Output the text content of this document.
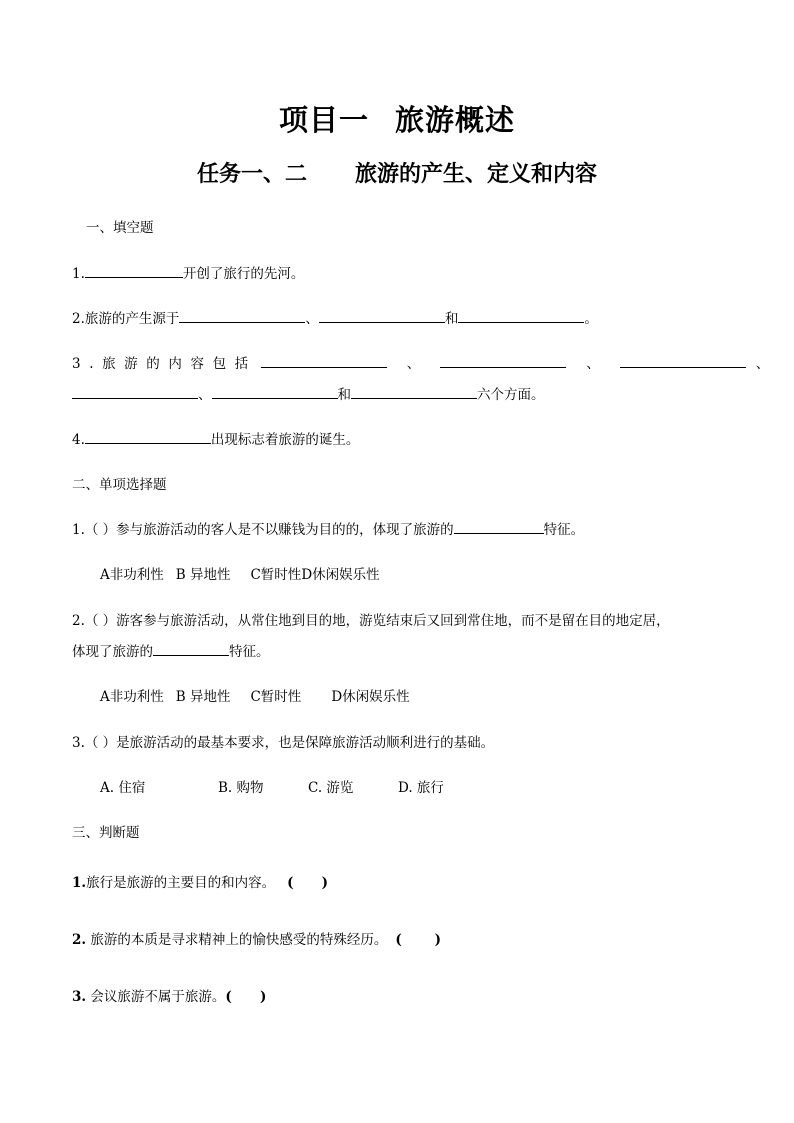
项目一 旅游概述
任务一、二 旅游的产生、定义和内容
一、填空题
1.	开创了旅行的先河。
2.旅游的产生源于	、	和	。
3.旅游的内容包括	、	、	、
、	和	六个方面。
4.	出现标志着旅游的诞生。
二、单项选择题
1.（ ）参与旅游活动的客人是不以赚钱为目的的，体现了旅游的	特征。
A非功利性 B 异地性 C暂时性D休闲娱乐性
2.（ ）游客参与旅游活动，从常住地到目的地，游览结束后又回到常住地，而不是留在目的地定居，
体现了旅游的	特征。
A非功利性 B 异地性 C暂时性 D休闲娱乐性
3.（ ）是旅游活动的最基本要求，也是保障旅游活动顺利进行的基础。
A. 住宿	B. 购物	C. 游览	D. 旅行
三、判断题
1.旅行是旅游的主要目的和内容。 (      )
2. 旅游的本质是寻求精神上的愉快感受的特殊经历。 (       )
3. 会议旅游不属于旅游。(      )
